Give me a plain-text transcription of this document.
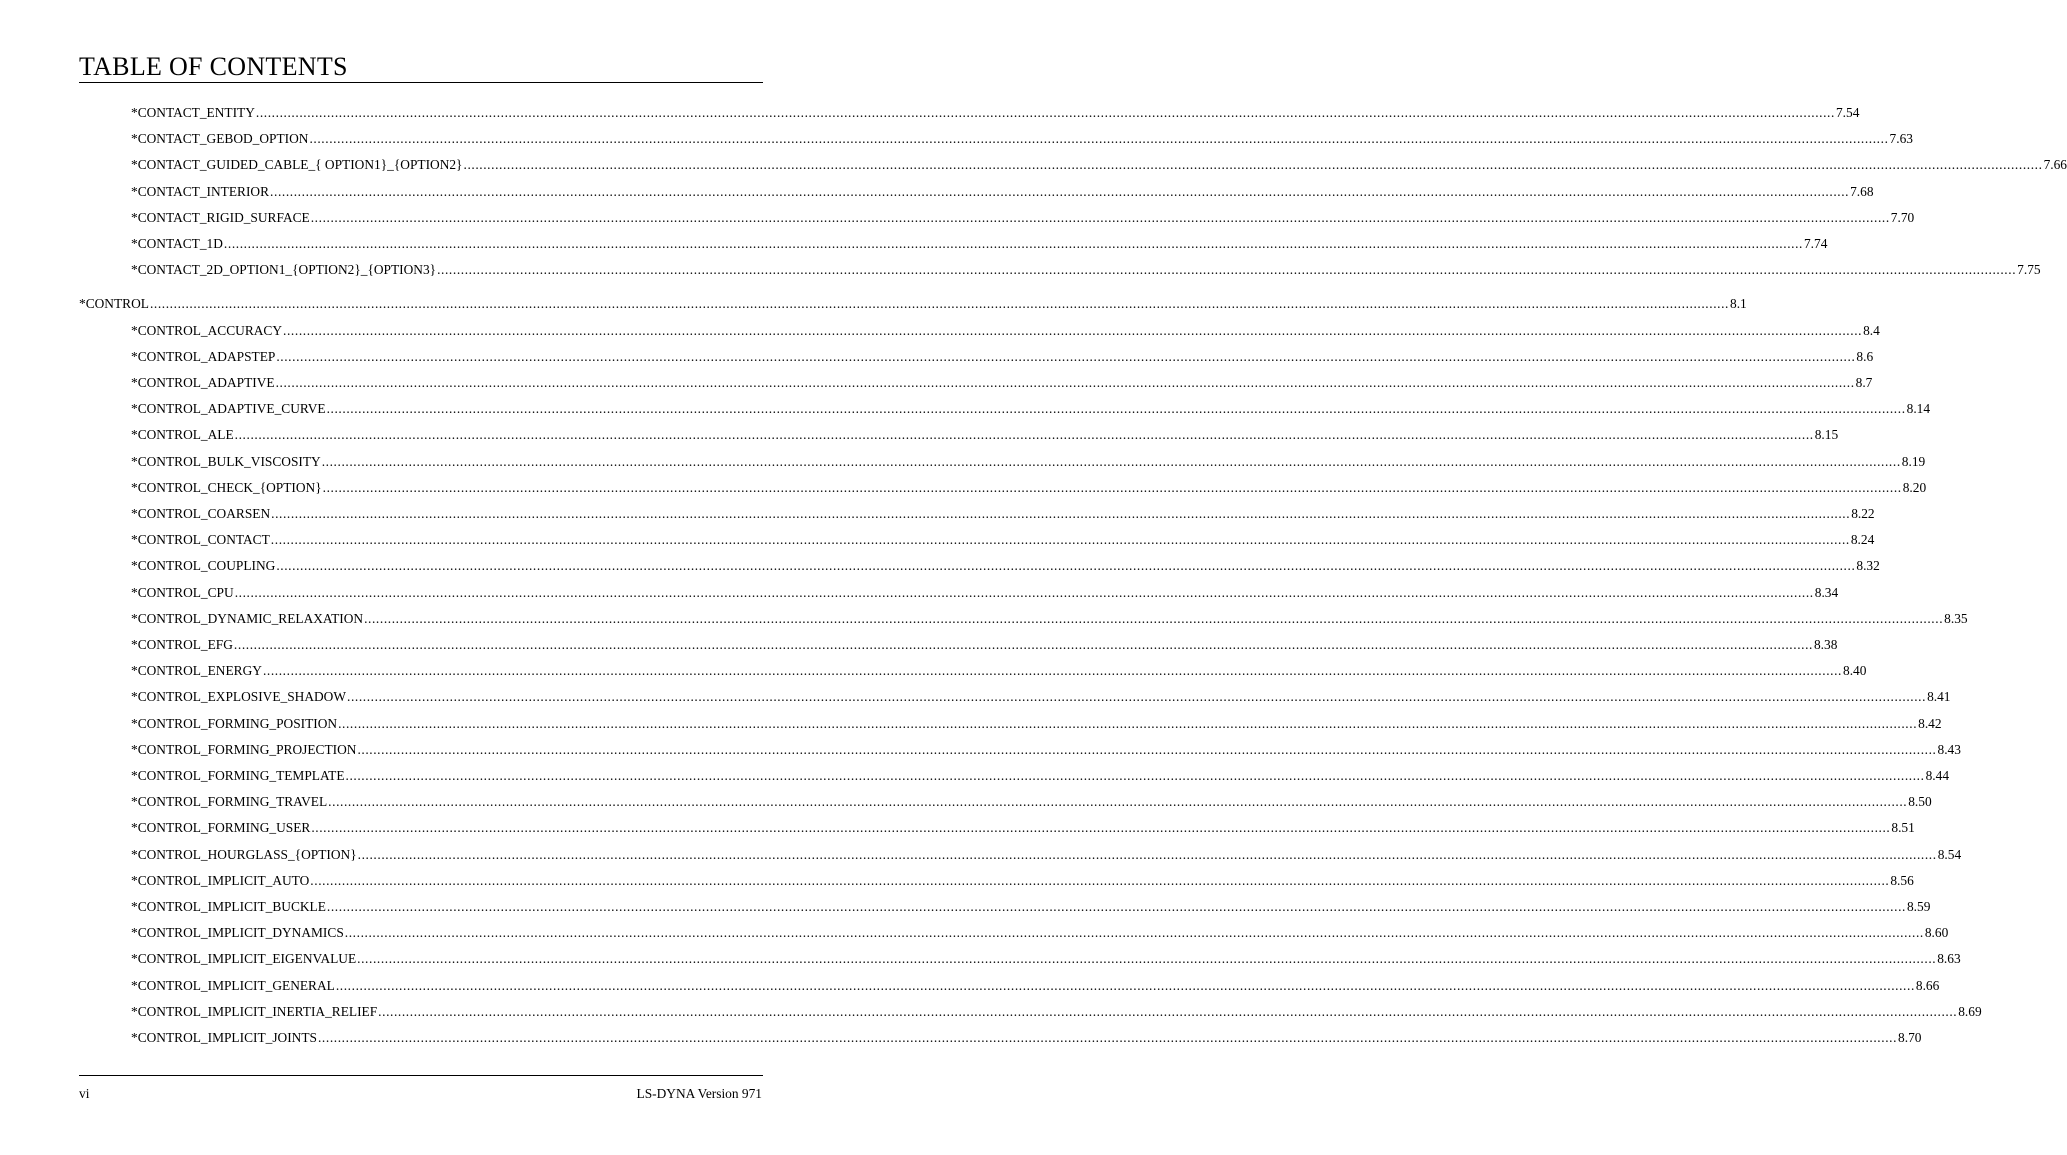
TABLE OF CONTENTS
*CONTACT_ENTITY ................................................................................................................................................................................................................................................................................................................................................................................................................ 7.54
*CONTACT_GEBOD_OPTION ................................................................................................................................................................................................................................................................................................................................................................................................................ 7.63
*CONTACT_GUIDED_CABLE_{ OPTION1}_{OPTION2} ................................................................................................................................................................................................................................................................................................................................................................................................................ 7.66
*CONTACT_INTERIOR ................................................................................................................................................................................................................................................................................................................................................................................................................ 7.68
*CONTACT_RIGID_SURFACE ................................................................................................................................................................................................................................................................................................................................................................................................................ 7.70
*CONTACT_1D ................................................................................................................................................................................................................................................................................................................................................................................................................ 7.74
*CONTACT_2D_OPTION1_{OPTION2}_{OPTION3} ................................................................................................................................................................................................................................................................................................................................................................................................................ 7.75
*CONTROL ................................................................................................................................................................................................................................................................................................................................................................................................................ 8.1
*CONTROL_ACCURACY ................................................................................................................................................................................................................................................................................................................................................................................................................ 8.4
*CONTROL_ADAPSTEP ................................................................................................................................................................................................................................................................................................................................................................................................................ 8.6
*CONTROL_ADAPTIVE ................................................................................................................................................................................................................................................................................................................................................................................................................ 8.7
*CONTROL_ADAPTIVE_CURVE ................................................................................................................................................................................................................................................................................................................................................................................................................ 8.14
*CONTROL_ALE ................................................................................................................................................................................................................................................................................................................................................................................................................ 8.15
*CONTROL_BULK_VISCOSITY ................................................................................................................................................................................................................................................................................................................................................................................................................ 8.19
*CONTROL_CHECK_{OPTION} ................................................................................................................................................................................................................................................................................................................................................................................................................ 8.20
*CONTROL_COARSEN ................................................................................................................................................................................................................................................................................................................................................................................................................ 8.22
*CONTROL_CONTACT ................................................................................................................................................................................................................................................................................................................................................................................................................ 8.24
*CONTROL_COUPLING ................................................................................................................................................................................................................................................................................................................................................................................................................ 8.32
*CONTROL_CPU ................................................................................................................................................................................................................................................................................................................................................................................................................ 8.34
*CONTROL_DYNAMIC_RELAXATION ................................................................................................................................................................................................................................................................................................................................................................................................................ 8.35
*CONTROL_EFG ................................................................................................................................................................................................................................................................................................................................................................................................................ 8.38
*CONTROL_ENERGY ................................................................................................................................................................................................................................................................................................................................................................................................................ 8.40
*CONTROL_EXPLOSIVE_SHADOW ................................................................................................................................................................................................................................................................................................................................................................................................................ 8.41
*CONTROL_FORMING_POSITION ................................................................................................................................................................................................................................................................................................................................................................................................................ 8.42
*CONTROL_FORMING_PROJECTION ................................................................................................................................................................................................................................................................................................................................................................................................................ 8.43
*CONTROL_FORMING_TEMPLATE ................................................................................................................................................................................................................................................................................................................................................................................................................ 8.44
*CONTROL_FORMING_TRAVEL ................................................................................................................................................................................................................................................................................................................................................................................................................ 8.50
*CONTROL_FORMING_USER ................................................................................................................................................................................................................................................................................................................................................................................................................ 8.51
*CONTROL_HOURGLASS_{OPTION} ................................................................................................................................................................................................................................................................................................................................................................................................................ 8.54
*CONTROL_IMPLICIT_AUTO ................................................................................................................................................................................................................................................................................................................................................................................................................ 8.56
*CONTROL_IMPLICIT_BUCKLE ................................................................................................................................................................................................................................................................................................................................................................................................................ 8.59
*CONTROL_IMPLICIT_DYNAMICS ................................................................................................................................................................................................................................................................................................................................................................................................................ 8.60
*CONTROL_IMPLICIT_EIGENVALUE ................................................................................................................................................................................................................................................................................................................................................................................................................ 8.63
*CONTROL_IMPLICIT_GENERAL ................................................................................................................................................................................................................................................................................................................................................................................................................ 8.66
*CONTROL_IMPLICIT_INERTIA_RELIEF ................................................................................................................................................................................................................................................................................................................................................................................................................ 8.69
*CONTROL_IMPLICIT_JOINTS ................................................................................................................................................................................................................................................................................................................................................................................................................ 8.70
vi	LS-DYNA Version 971
